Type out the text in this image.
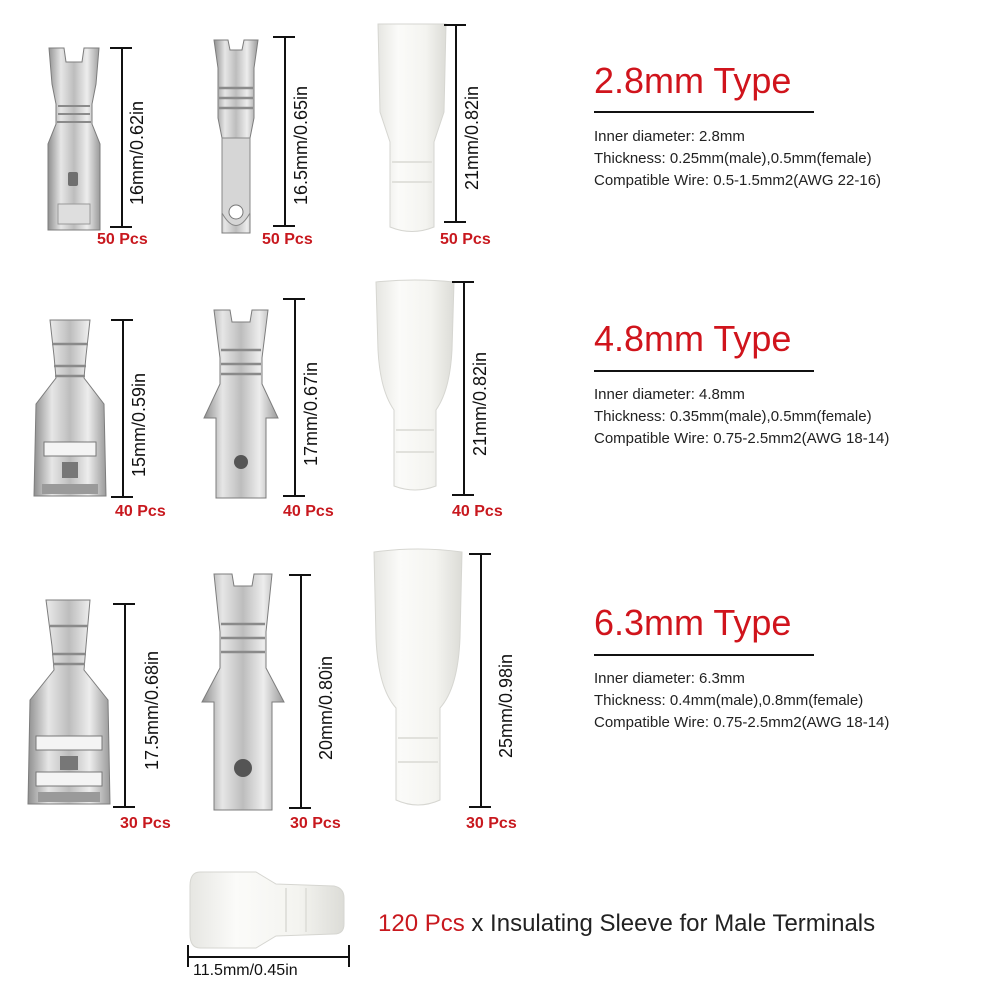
16mm/0.62in	16.5mm/0.65in	21mm/0.82in
50 Pcs	50 Pcs	50 Pcs
2.8mm Type
Inner diameter: 2.8mm
Thickness: 0.25mm(male),0.5mm(female)
Compatible Wire: 0.5-1.5mm2(AWG 22-16)
15mm/0.59in	17mm/0.67in	21mm/0.82in
40 Pcs	40 Pcs	40 Pcs
4.8mm Type
Inner diameter: 4.8mm
Thickness: 0.35mm(male),0.5mm(female)
Compatible Wire: 0.75-2.5mm2(AWG 18-14)
17.5mm/0.68in	20mm/0.80in	25mm/0.98in
30 Pcs	30 Pcs	30 Pcs
6.3mm Type
Inner diameter: 6.3mm
Thickness: 0.4mm(male),0.8mm(female)
Compatible Wire: 0.75-2.5mm2(AWG 18-14)
11.5mm/0.45in
120 Pcs x Insulating Sleeve for Male Terminals
